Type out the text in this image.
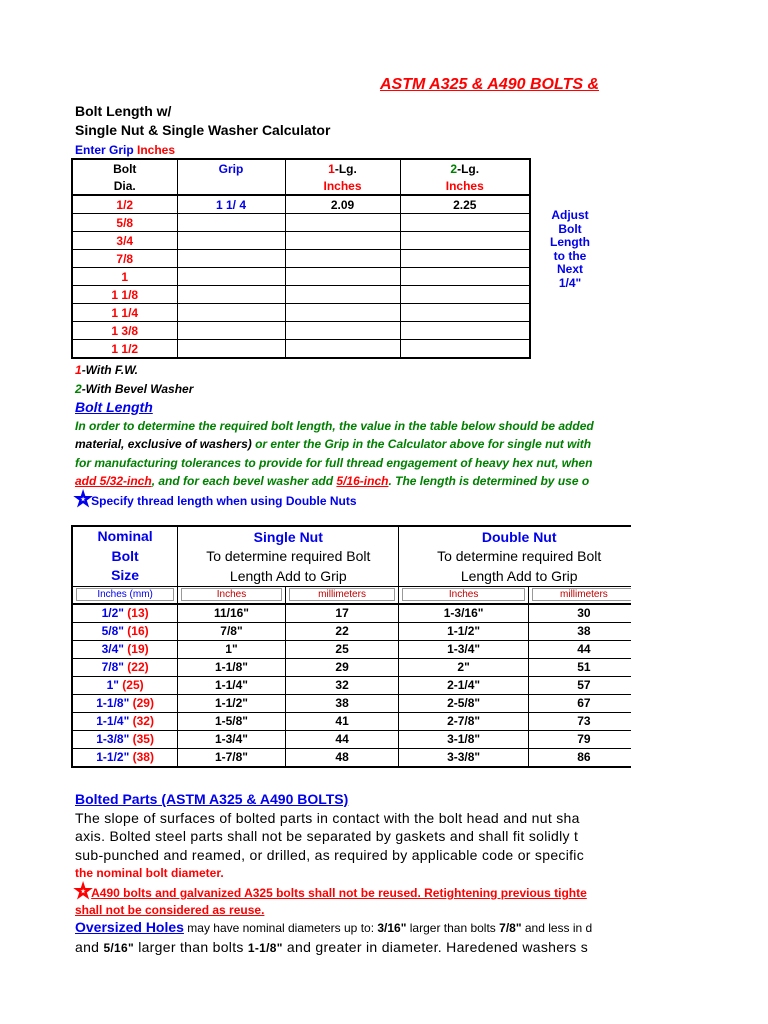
ASTM A325 & A490 BOLTS &
Bolt Length w/
Single Nut & Single Washer Calculator
Enter Grip Inches
Bolt	Grip	1-Lg.	2-Lg.
Dia.		Inches	Inches
1/2	1 1/ 4	2.09	2.25
5/8			
3/4			
7/8			
1			
1 1/8			
1 1/4			
1 3/8			
1 1/2			
Adjust
Bolt
Length
to the
Next
1/4"
1-With F.W.
2-With Bevel Washer
Bolt Length
In order to determine the required bolt length, the value in the table below should be added
material, exclusive of washers) or enter the Grip in the Calculator above for single nut with
for manufacturing tolerances to provide for full thread engagement of heavy hex nut, when
add 5/32-inch, and for each bevel washer add 5/16-inch. The length is determined by use o
☆Specify thread length when using Double Nuts
Nominal
Bolt
Size	Single Nut		Double Nut	
	To determine required Bolt		To determine required Bolt	
	Length Add to Grip		Length Add to Grip	

Inches (mm)	Inches	millimeters	Inches	millimeters

1/2" (13)	11/16"	17	1-3/16"	30
5/8" (16)	7/8"	22	1-1/2"	38
3/4" (19)	1"	25	1-3/4"	44
7/8" (22)	1-1/8"	29	2"	51
1" (25)	1-1/4"	32	2-1/4"	57
1-1/8" (29)	1-1/2"	38	2-5/8"	67
1-1/4" (32)	1-5/8"	41	2-7/8"	73
1-3/8" (35)	1-3/4"	44	3-1/8"	79
1-1/2" (38)	1-7/8"	48	3-3/8"	86
Bolted Parts (ASTM A325 & A490 BOLTS)
The slope of surfaces of bolted parts in contact with the bolt head and nut sha
axis. Bolted steel parts shall not be separated by gaskets and shall fit solidly t
sub-punched and reamed, or drilled, as required by applicable code or specific
the nominal bolt diameter.
☆A490 bolts and galvanized A325 bolts shall not be reused. Retightening previous tighte
shall not be considered as reuse.
Oversized Holes may have nominal diameters up to: 3/16" larger than bolts 7/8" and less in d
and 5/16" larger than bolts 1-1/8" and greater in diameter. Haredened washers s
